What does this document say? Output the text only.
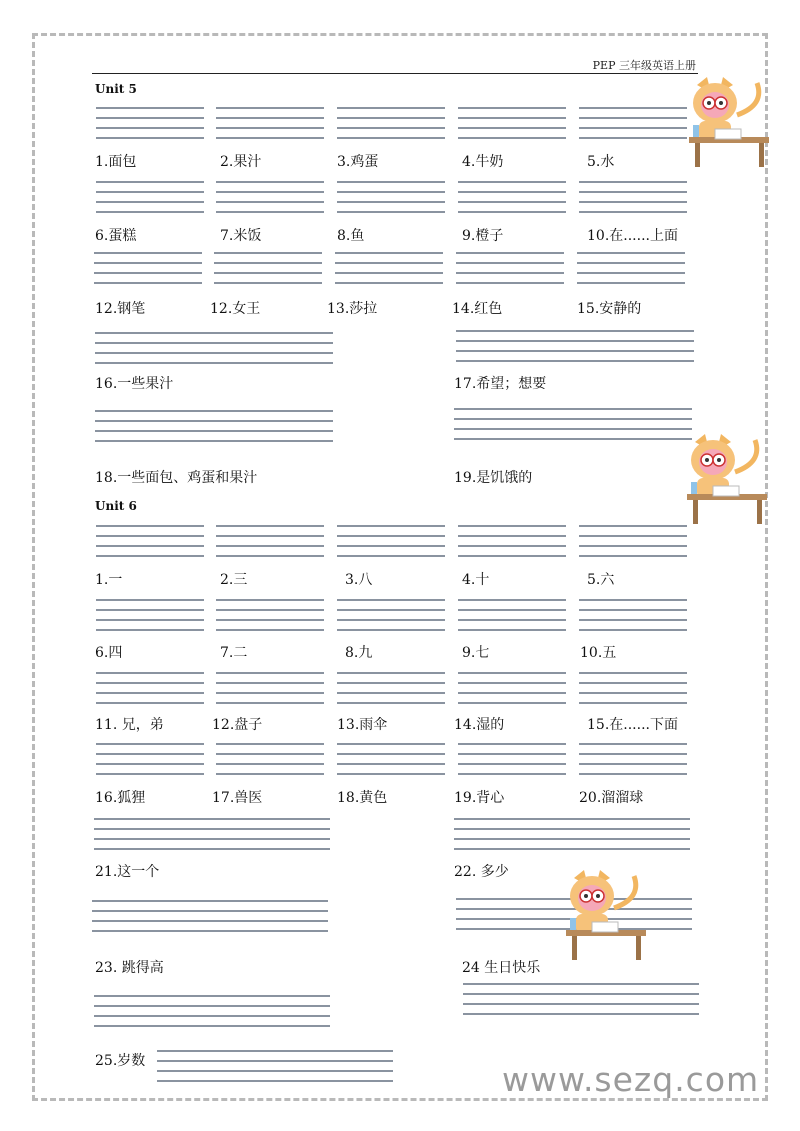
PEP 三年级英语上册
Unit 5
1.面包	2.果汁	3.鸡蛋	4.牛奶	5.水
6.蛋糕	7.米饭	8.鱼	9.橙子	10.在......上面
12.钢笔	12.女王	13.莎拉	14.红色	15.安静的
16.一些果汁	17.希望；想要
18.一些面包、鸡蛋和果汁	19.是饥饿的
Unit 6
1.一	2.三	3.八	4.十	5.六
6.四	7.二	8.九	9.七	10.五
11. 兄，弟	12.盘子	13.雨伞	14.湿的	15.在......下面
16.狐狸	17.兽医	18.黄色	19.背心	20.溜溜球
21.这一个	22. 多少
23. 跳得高	24 生日快乐
25.岁数	www.sezq.com
